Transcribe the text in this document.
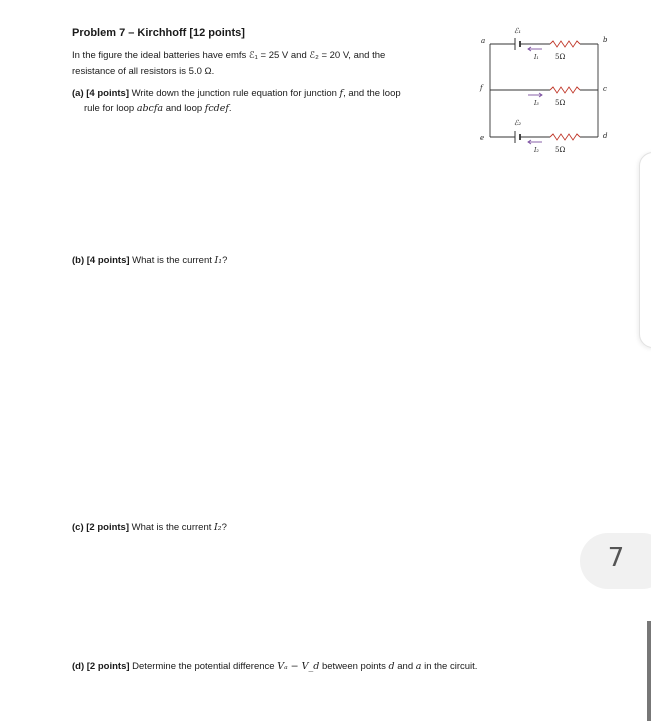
Problem 7 – Kirchhoff [12 points]
In the figure the ideal batteries have emfs ℰ₁ = 25 V and ℰ₂ = 20 V, and the
resistance of all resistors is 5.0 Ω.
(a) [4 points] Write down the junction rule equation for junction f, and the loop
rule for loop abcfa and loop fcdef.
(b) [4 points] What is the current I₁?
(c) [2 points] What is the current I₂?
(d) [2 points] Determine the potential difference Vₐ − V_d between points d and a in the circuit.
a	b
c
d
e
f
ℰ₁
ℰ₂
I₁
I₃
I₂
5Ω
5Ω
5Ω
7
